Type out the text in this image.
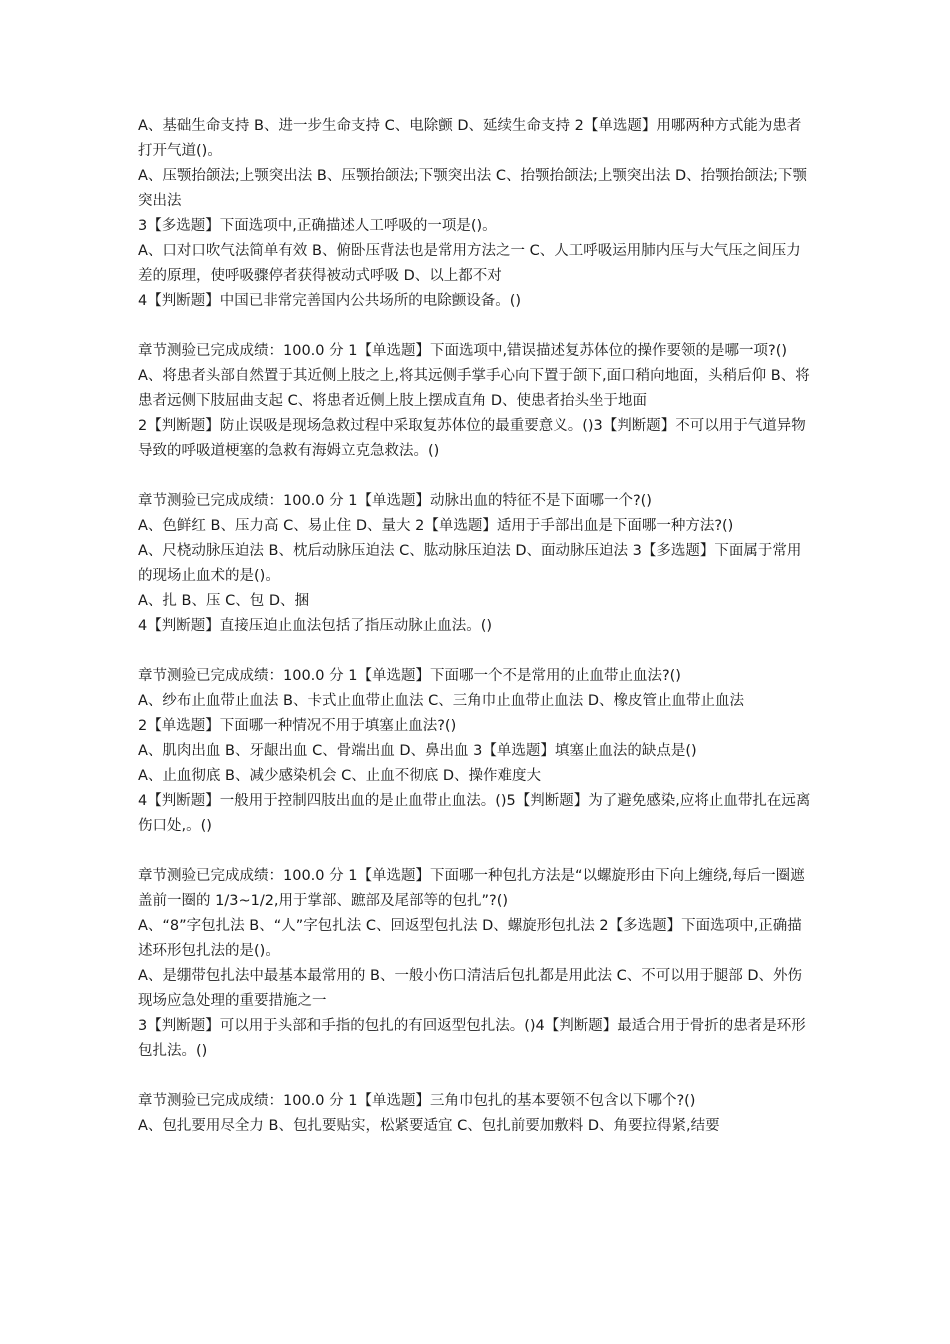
A、基础生命支持 B、进一步生命支持 C、电除颤 D、延续生命支持 2【单选题】用哪两种方式能为患者打开气道()。

A、压颚抬颌法;上颚突出法 B、压颚抬颌法;下颚突出法 C、抬颚抬颌法;上颚突出法 D、抬颚抬颌法;下颚突出法

3【多选题】下面选项中,正确描述人工呼吸的一项是()。

A、口对口吹气法简单有效 B、俯卧压背法也是常用方法之一 C、人工呼吸运用肺内压与大气压之间压力差的原理，使呼吸骤停者获得被动式呼吸 D、以上都不对

4【判断题】中国已非常完善国内公共场所的电除颤设备。()

章节测验已完成成绩：100.0 分 1【单选题】下面选项中,错误描述复苏体位的操作要领的是哪一项?()

A、将患者头部自然置于其近侧上肢之上,将其远侧手掌手心向下置于颌下,面口稍向地面，头稍后仰 B、将患者远侧下肢屈曲支起 C、将患者近侧上肢上摆成直角 D、使患者抬头坐于地面

2【判断题】防止误吸是现场急救过程中采取复苏体位的最重要意义。()3【判断题】不可以用于气道异物导致的呼吸道梗塞的急救有海姆立克急救法。()

章节测验已完成成绩：100.0 分 1【单选题】动脉出血的特征不是下面哪一个?()

A、色鲜红 B、压力高 C、易止住 D、量大 2【单选题】适用于手部出血是下面哪一种方法?()

A、尺桡动脉压迫法 B、枕后动脉压迫法 C、肱动脉压迫法 D、面动脉压迫法 3【多选题】下面属于常用的现场止血术的是()。

A、扎 B、压 C、包 D、捆

4【判断题】直接压迫止血法包括了指压动脉止血法。()

章节测验已完成成绩：100.0 分 1【单选题】下面哪一个不是常用的止血带止血法?()

A、纱布止血带止血法 B、卡式止血带止血法 C、三角巾止血带止血法 D、橡皮管止血带止血法

2【单选题】下面哪一种情况不用于填塞止血法?()

A、肌肉出血 B、牙龈出血 C、骨端出血 D、鼻出血 3【单选题】填塞止血法的缺点是()

A、止血彻底 B、减少感染机会 C、止血不彻底 D、操作难度大

4【判断题】一般用于控制四肢出血的是止血带止血法。()5【判断题】为了避免感染,应将止血带扎在远离伤口处,。()

章节测验已完成成绩：100.0 分 1【单选题】下面哪一种包扎方法是“以螺旋形由下向上缠绕,每后一圈遮盖前一圈的 1/3~1/2,用于掌部、蹠部及尾部等的包扎”?()

A、“8”字包扎法 B、“人”字包扎法 C、回返型包扎法 D、螺旋形包扎法 2【多选题】下面选项中,正确描述环形包扎法的是()。

A、是绷带包扎法中最基本最常用的 B、一般小伤口清洁后包扎都是用此法 C、不可以用于腿部 D、外伤现场应急处理的重要措施之一

3【判断题】可以用于头部和手指的包扎的有回返型包扎法。()4【判断题】最适合用于骨折的患者是环形包扎法。()

章节测验已完成成绩：100.0 分 1【单选题】三角巾包扎的基本要领不包含以下哪个?()

A、包扎要用尽全力 B、包扎要贴实，松紧要适宜 C、包扎前要加敷料 D、角要拉得紧,结要
